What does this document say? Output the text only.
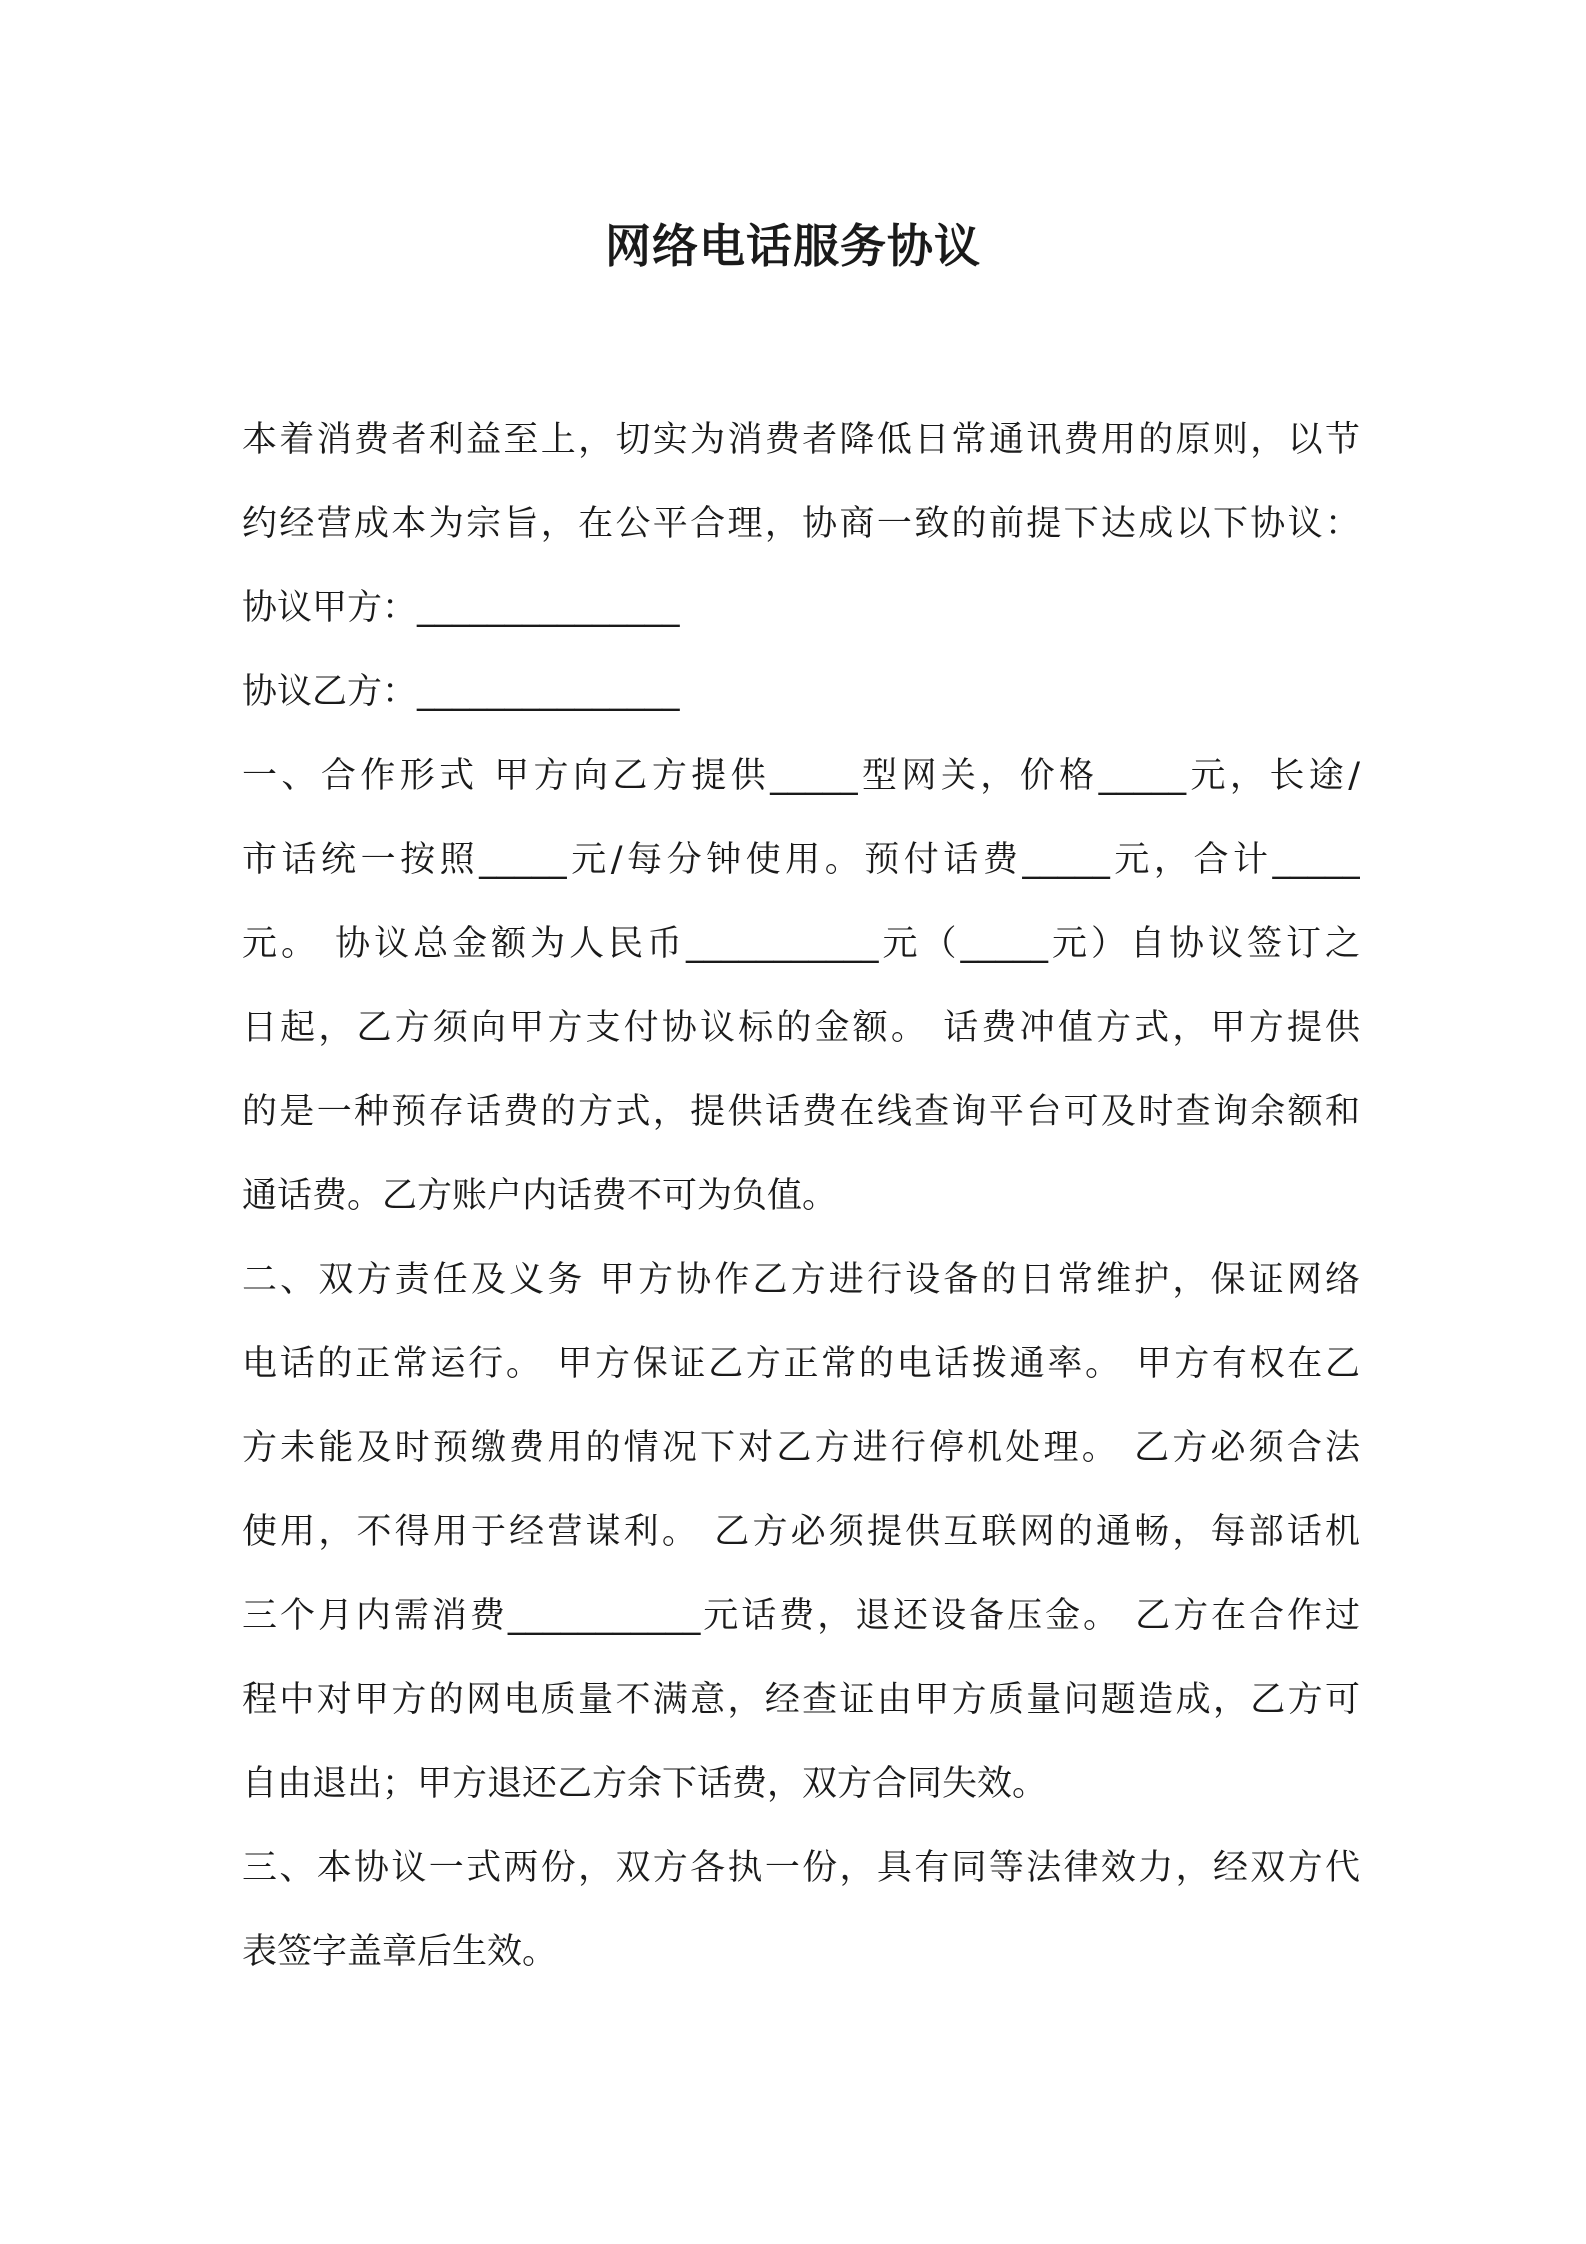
网络电话服务协议
本着消费者利益至上，切实为消费者降低日常通讯费用的原则，以节
约经营成本为宗旨，在公平合理，协商一致的前提下达成以下协议：
协议甲方：_______________
协议乙方：_______________
一、合作形式 甲方向乙方提供_____型网关，价格_____元，长途/
市话统一按照_____元/每分钟使用。预付话费_____元，合计_____
元。 协议总金额为人民币___________元（_____元）自协议签订之
日起，乙方须向甲方支付协议标的金额。 话费冲值方式，甲方提供
的是一种预存话费的方式，提供话费在线查询平台可及时查询余额和
通话费。乙方账户内话费不可为负值。
二、双方责任及义务 甲方协作乙方进行设备的日常维护，保证网络
电话的正常运行。 甲方保证乙方正常的电话拨通率。 甲方有权在乙
方未能及时预缴费用的情况下对乙方进行停机处理。 乙方必须合法
使用，不得用于经营谋利。 乙方必须提供互联网的通畅，每部话机
三个月内需消费___________元话费，退还设备压金。 乙方在合作过
程中对甲方的网电质量不满意，经查证由甲方质量问题造成，乙方可
自由退出；甲方退还乙方余下话费，双方合同失效。
三、本协议一式两份，双方各执一份，具有同等法律效力，经双方代
表签字盖章后生效。
